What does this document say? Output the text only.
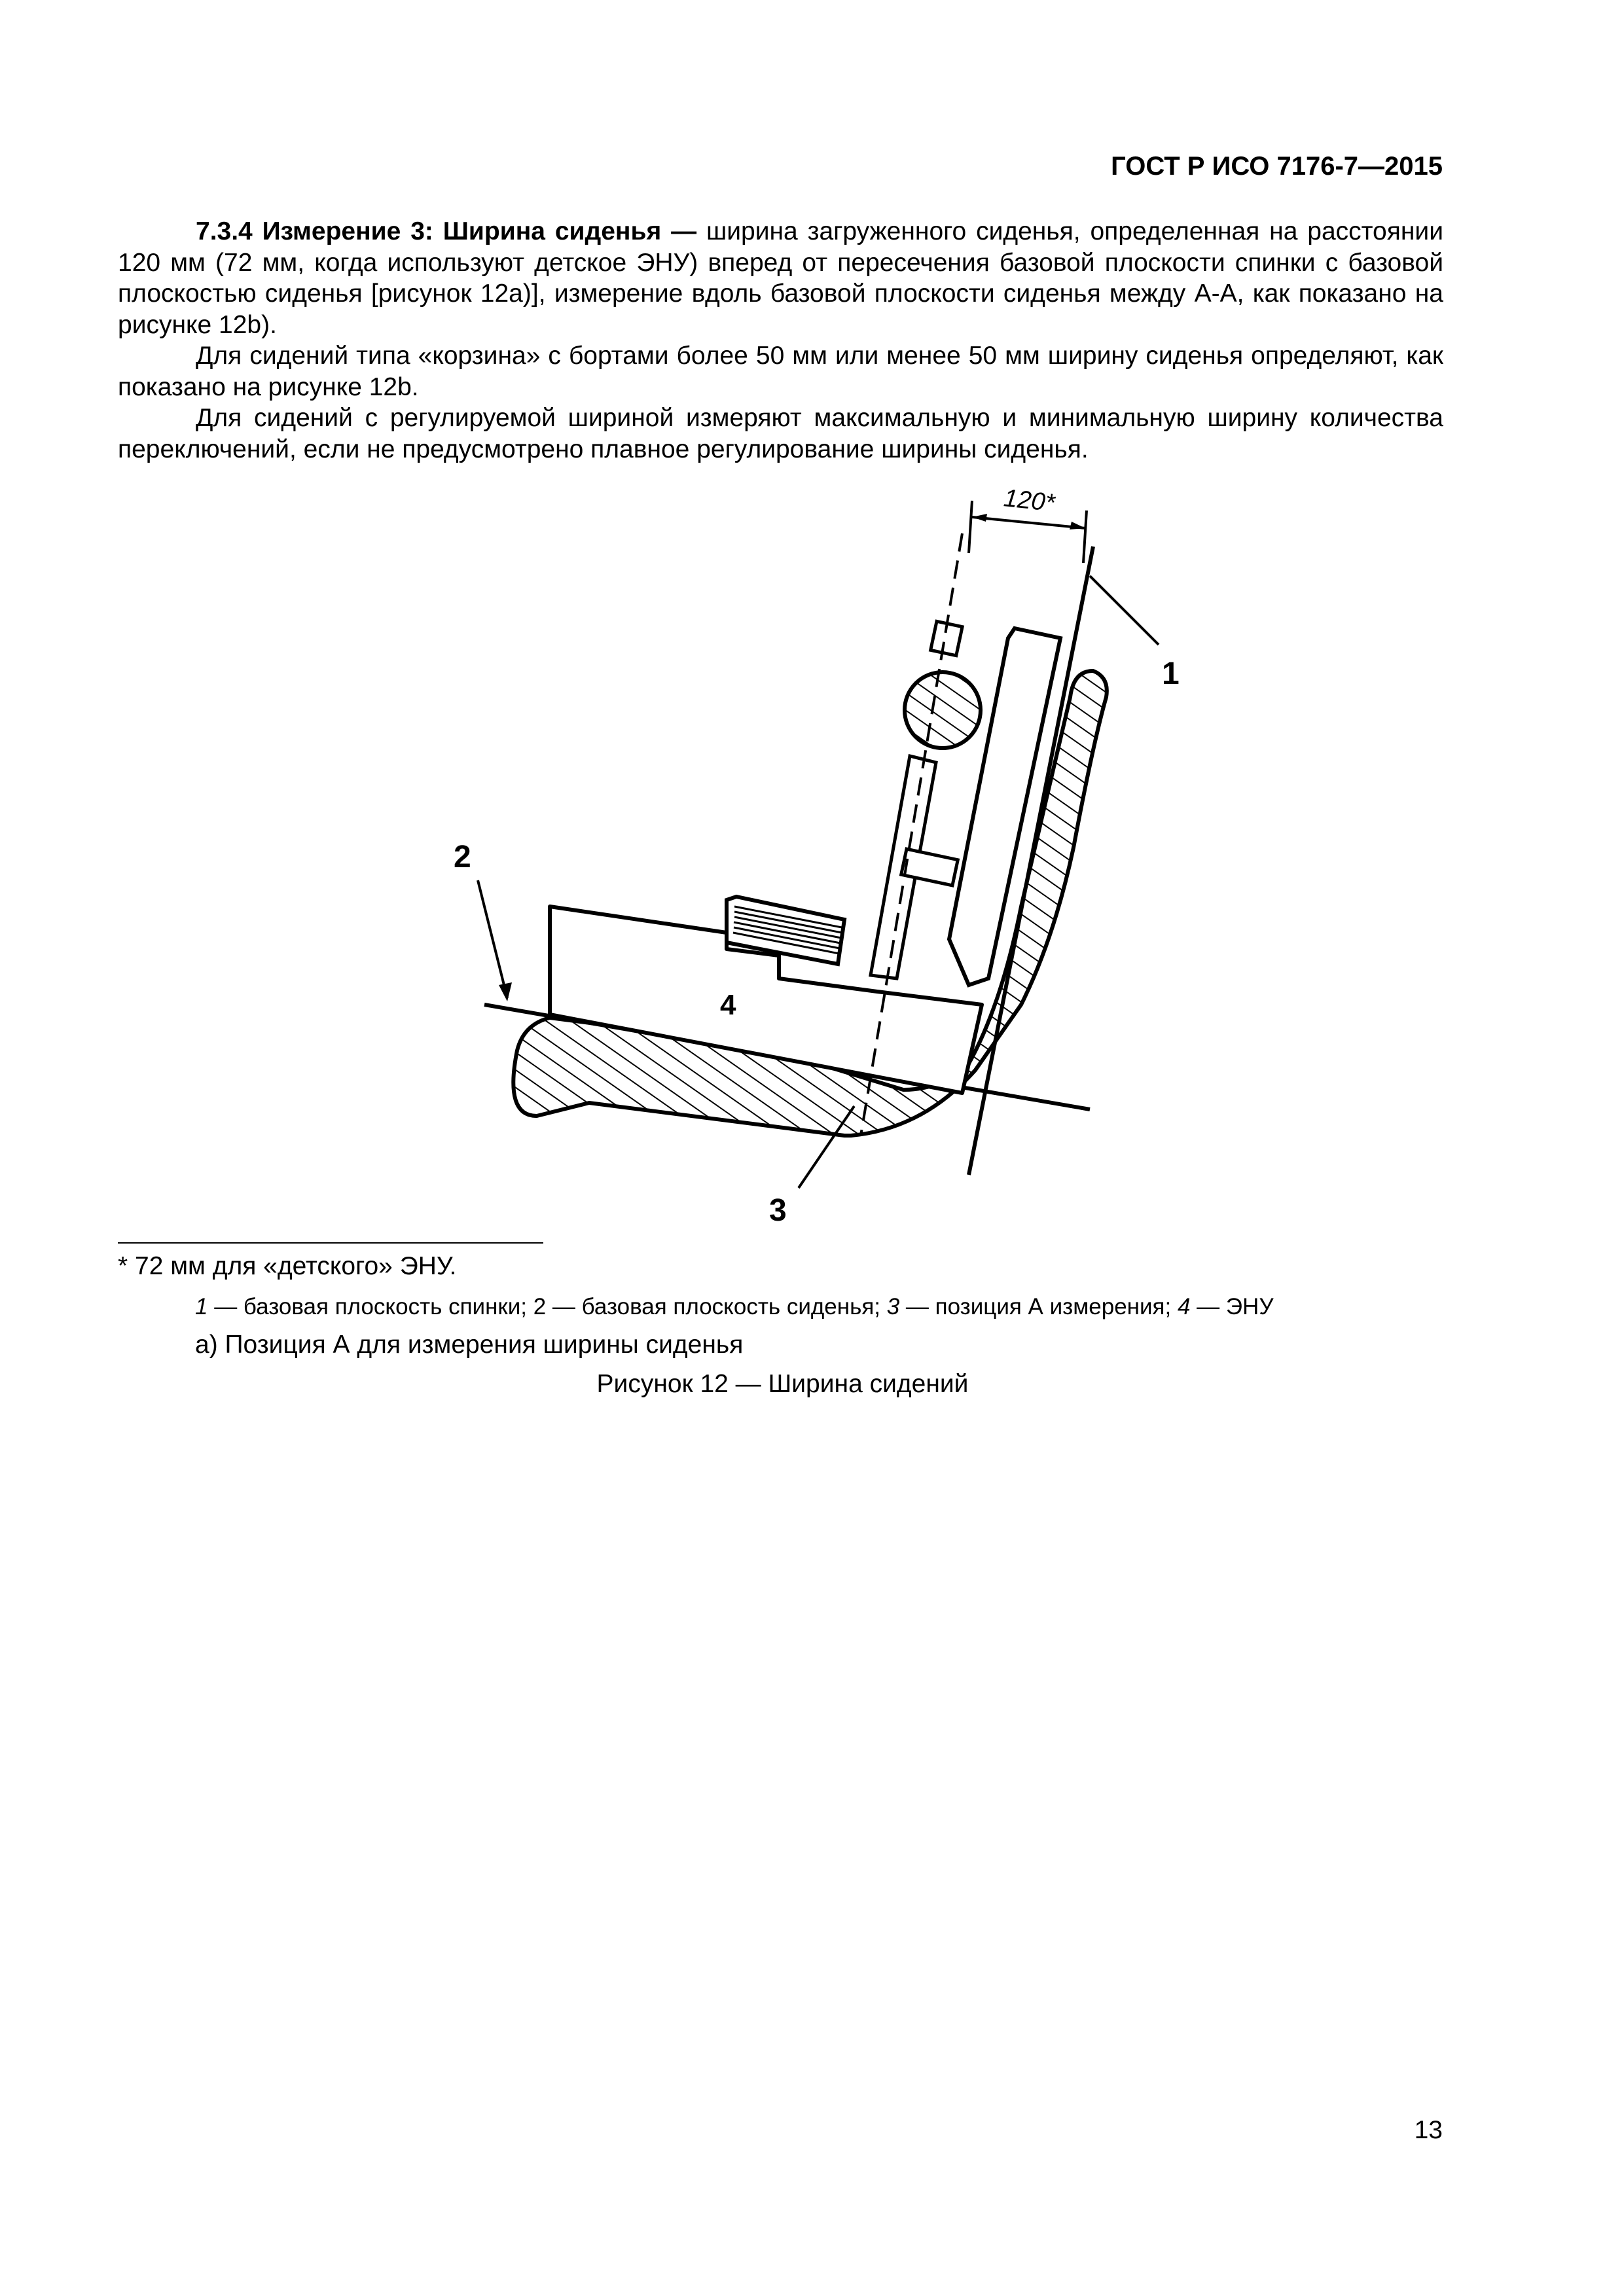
ГОСТ Р ИСО 7176-7—2015

7.3.4 Измерение 3: Ширина сиденья — ширина загруженного сиденья, определенная на расстоянии 120 мм (72 мм, когда используют детское ЭНУ) вперед от пересечения базовой плоскости спинки с базовой плоскостью сиденья [рисунок 12a)], измерение вдоль базовой плоскости сиденья между А-А, как показано на рисунке 12b).

Для сидений типа «корзина» с бортами более 50 мм или менее 50 мм ширину сиденья определяют, как показано на рисунке 12b.

Для сидений с регулируемой шириной измеряют максимальную и минимальную ширину количества переключений, если не предусмотрено плавное регулирование ширины сиденья.

120*
1
2
3
4
* 72 мм для «детского» ЭНУ.
1 — базовая плоскость спинки; 2 — базовая плоскость сиденья; 3 — позиция А измерения; 4 — ЭНУ
а) Позиция А для измерения ширины сиденья
Рисунок 12 — Ширина сидений
13
